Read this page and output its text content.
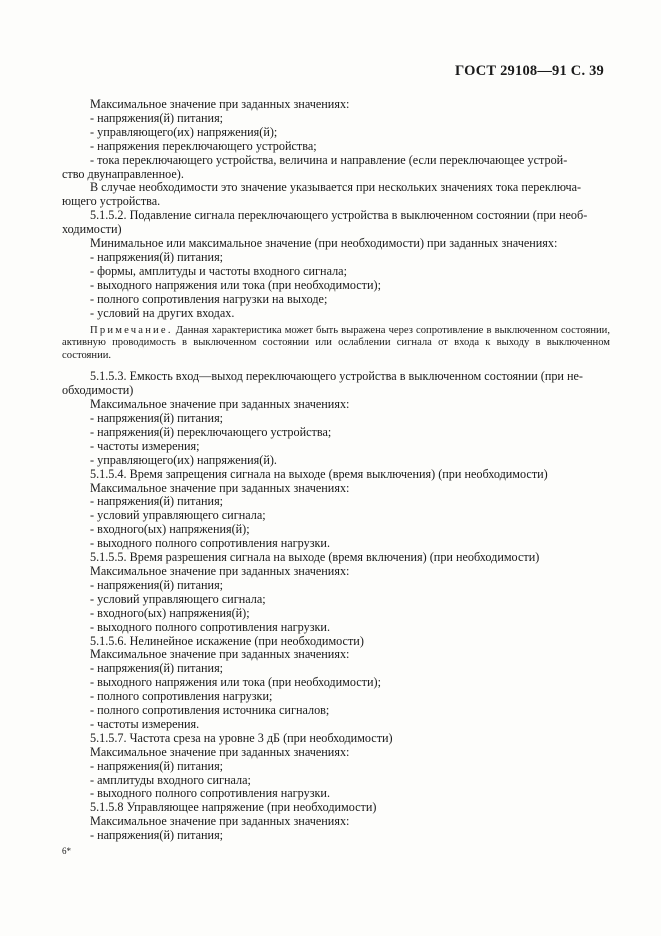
ГОСТ 29108—91 С. 39

Максимальное значение при заданных значениях:

- напряжения(й) питания;

- управляющего(их) напряжения(й);

- напряжения переключающего устройства;

- тока переключающего устройства, величина и направление (если переключающее устрой-

ство двунаправленное).

В случае необходимости это значение указывается при нескольких значениях тока переключа-

ющего устройства.

5.1.5.2. Подавление сигнала переключающего устройства в выключенном состоянии (при необ-

ходимости)

Минимальное или максимальное значение (при необходимости) при заданных значениях:

- напряжения(й) питания;

- формы, амплитуды и частоты входного сигнала;

- выходного напряжения или тока (при необходимости);

- полного сопротивления нагрузки на выходе;

- условий на других входах.

Примечание. Данная характеристика может быть выражена через сопротивление в выключенном состоянии, активную проводимость в выключенном состоянии или ослаблении сигнала от входа к выходу в выключенном состоянии.

5.1.5.3. Емкость вход—выход переключающего устройства в выключенном состоянии (при не-

обходимости)

Максимальное значение при заданных значениях:

- напряжения(й) питания;

- напряжения(й) переключающего устройства;

- частоты измерения;

- управляющего(их) напряжения(й).

5.1.5.4. Время запрещения сигнала на выходе (время выключения) (при необходимости)

Максимальное значение при заданных значениях:

- напряжения(й) питания;

- условий управляющего сигнала;

- входного(ых) напряжения(й);

- выходного полного сопротивления нагрузки.

5.1.5.5. Время разрешения сигнала на выходе (время включения) (при необходимости)

Максимальное значение при заданных значениях:

- напряжения(й) питания;

- условий управляющего сигнала;

- входного(ых) напряжения(й);

- выходного полного сопротивления нагрузки.

5.1.5.6. Нелинейное искажение (при необходимости)

Максимальное значение при заданных значениях:

- напряжения(й) питания;

- выходного напряжения или тока (при необходимости);

- полного сопротивления нагрузки;

- полного сопротивления источника сигналов;

- частоты измерения.

5.1.5.7. Частота среза на уровне 3 дБ (при необходимости)

Максимальное значение при заданных значениях:

- напряжения(й) питания;

- амплитуды входного сигнала;

- выходного полного сопротивления нагрузки.

5.1.5.8 Управляющее напряжение (при необходимости)

Максимальное значение при заданных значениях:

- напряжения(й) питания;

6*
